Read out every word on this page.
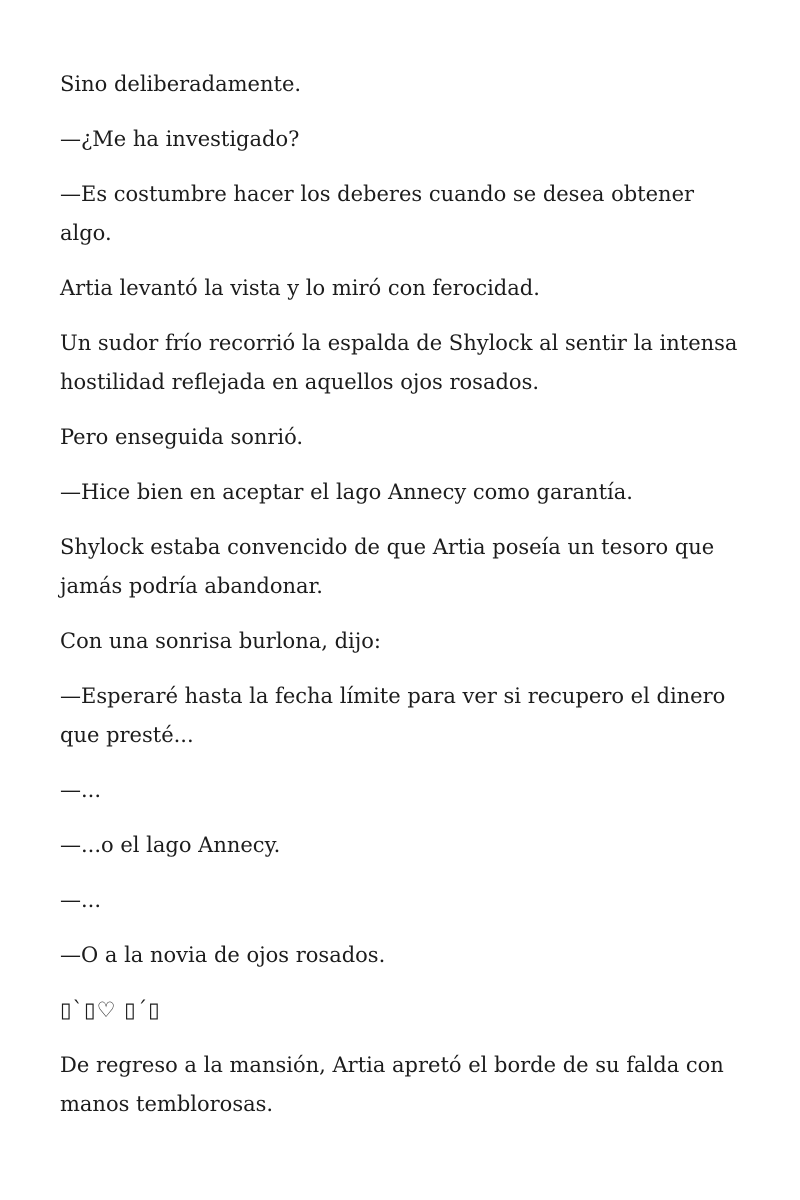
Sino deliberadamente.

—¿Me ha investigado?

—Es costumbre hacer los deberes cuando se desea obtener algo.

Artia levantó la vista y lo miró con ferocidad.

Un sudor frío recorrió la espalda de Shylock al sentir la intensa hostilidad reflejada en aquellos ojos rosados.

Pero enseguida sonrió.

—Hice bien en aceptar el lago Annecy como garantía.

Shylock estaba convencido de que Artia poseía un tesoro que jamás podría abandonar.

Con una sonrisa burlona, dijo:

—Esperaré hasta la fecha límite para ver si recupero el dinero que presté...

—...

—...o el lago Annecy.

—...

—O a la novia de ojos rosados.

▯`▯♡ ▯´▯

De regreso a la mansión, Artia apretó el borde de su falda con manos temblorosas.
